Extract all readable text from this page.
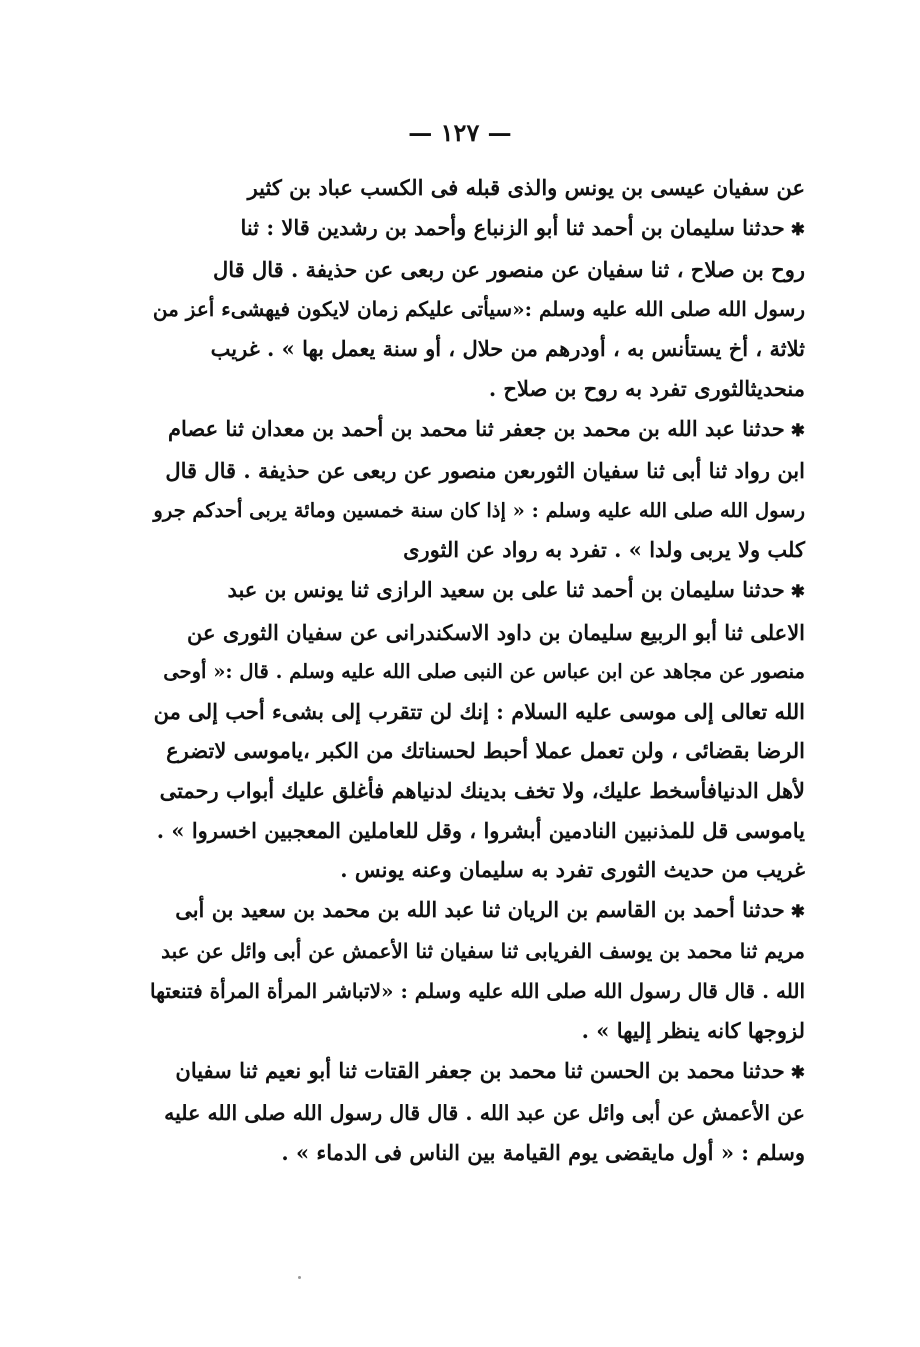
— ١٢٧ —
عن سفيان عيسى بن يونس والذى قبله فى الكسب عباد بن كثير
✱حدثنا سليمان بن أحمد ثنا أبو الزنباع وأحمد بن رشدين قالا : ثنا
روح بن صلاح ، ثنا سفيان عن منصور عن ربعى عن حذيفة . قال قال
رسول الله صلى الله عليه وسلم :«سيأتى عليكم زمان لايكون فيهشىء أعز من
ثلاثة ، أخ يستأنس به ، أودرهم من حلال ، أو سنة يعمل بها » . غريب
منحديثالثورى تفرد به روح بن صلاح .
✱حدثنا عبد الله بن محمد بن جعفر ثنا محمد بن أحمد بن معدان ثنا عصام
ابن رواد ثنا أبى ثنا سفيان الثورىعن منصور عن ربعى عن حذيفة . قال قال
رسول الله صلى الله عليه وسلم : « إذا كان سنة خمسين ومائة يربى أحدكم جرو
كلب ولا يربى ولدا » . تفرد به رواد عن الثورى
✱حدثنا سليمان بن أحمد ثنا على بن سعيد الرازى ثنا يونس بن عبد
الاعلى ثنا أبو الربيع سليمان بن داود الاسكندرانى عن سفيان الثورى عن
منصور عن مجاهد عن ابن عباس عن النبى صلى الله عليه وسلم . قال :« أوحى
الله تعالى إلى موسى عليه السلام : إنك لن تتقرب إلى بشىء أحب إلى من
الرضا بقضائى ، ولن تعمل عملا أحبط لحسناتك من الكبر ،ياموسى لاتضرع
لأهل الدنيافأسخط عليك، ولا تخف بدينك لدنياهم فأغلق عليك أبواب رحمتى
ياموسى قل للمذنبين النادمين أبشروا ، وقل للعاملين المعجبين اخسروا » .
غريب من حديث الثورى تفرد به سليمان وعنه يونس .
✱حدثنا أحمد بن القاسم بن الريان ثنا عبد الله بن محمد بن سعيد بن أبى
مريم ثنا محمد بن يوسف الفريابى ثنا سفيان ثنا الأعمش عن أبى وائل عن عبد
الله . قال قال رسول الله صلى الله عليه وسلم : «لاتباشر المرأة المرأة فتنعتها
لزوجها كانه ينظر إليها » .
✱حدثنا محمد بن الحسن ثنا محمد بن جعفر القتات ثنا أبو نعيم ثنا سفيان
عن الأعمش عن أبى وائل عن عبد الله . قال قال رسول الله صلى الله عليه
وسلم : « أول مايقضى يوم القيامة بين الناس فى الدماء » .
